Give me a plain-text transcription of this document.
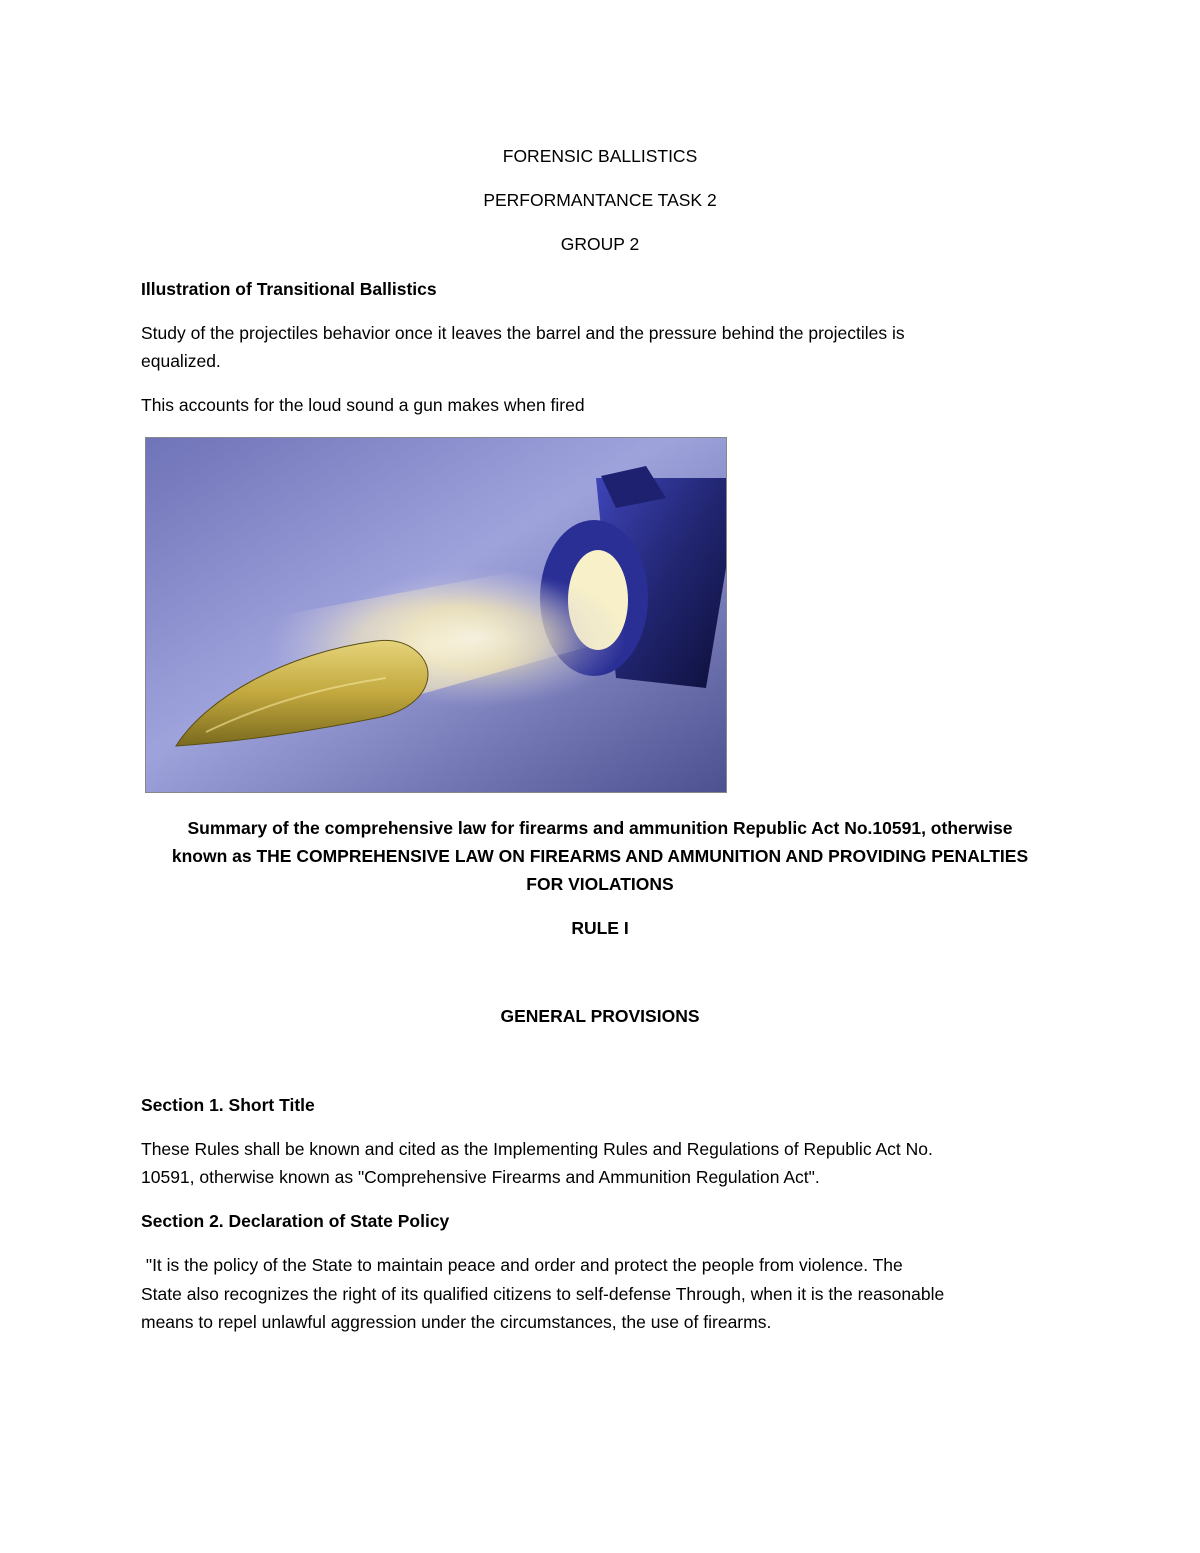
FORENSIC BALLISTICS
PERFORMANTANCE TASK 2
GROUP 2
Illustration of Transitional Ballistics
Study of the projectiles behavior once it leaves the barrel and the pressure behind the projectiles is
equalized.
This accounts for the loud sound a gun makes when fired
Summary of the comprehensive law for firearms and ammunition Republic Act No.10591, otherwise
known as THE COMPREHENSIVE LAW ON FIREARMS AND AMMUNITION AND PROVIDING PENALTIES
FOR VIOLATIONS
RULE I
GENERAL PROVISIONS
Section 1. Short Title
These Rules shall be known and cited as the Implementing Rules and Regulations of Republic Act No.
10591, otherwise known as "Comprehensive Firearms and Ammunition Regulation Act".
Section 2. Declaration of State Policy
"It is the policy of the State to maintain peace and order and protect the people from violence. The
State also recognizes the right of its qualified citizens to self-defense Through, when it is the reasonable
means to repel unlawful aggression under the circumstances, the use of firearms.
